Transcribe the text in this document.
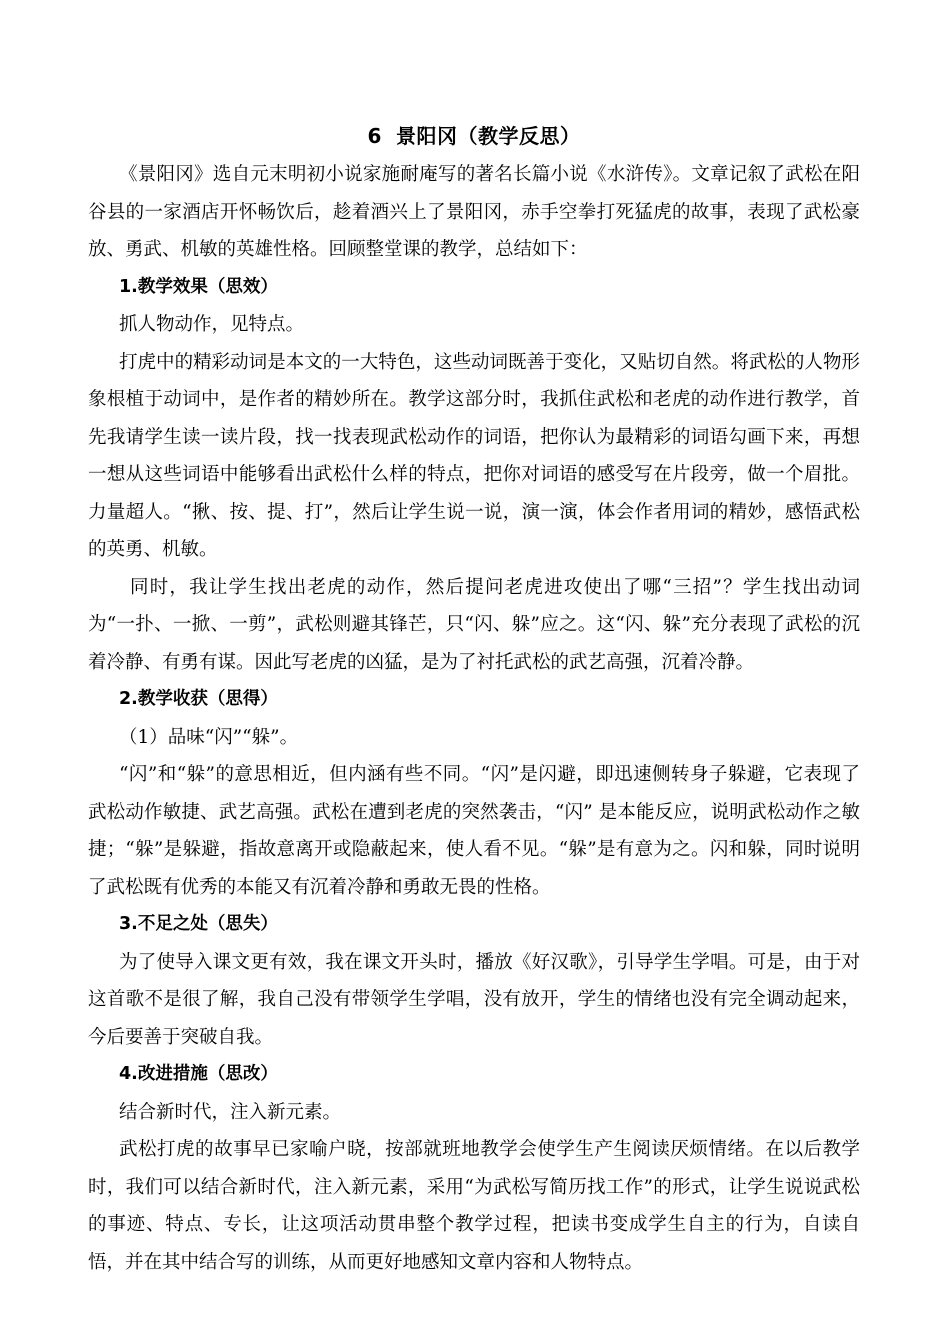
6 景阳冈（教学反思）

《景阳冈》选自元末明初小说家施耐庵写的著名长篇小说《水浒传》。文章记叙了武松在阳谷县的一家酒店开怀畅饮后，趁着酒兴上了景阳冈，赤手空拳打死猛虎的故事，表现了武松豪放、勇武、机敏的英雄性格。回顾整堂课的教学，总结如下：

1.教学效果（思效）

抓人物动作，见特点。

打虎中的精彩动词是本文的一大特色，这些动词既善于变化，又贴切自然。将武松的人物形象根植于动词中，是作者的精妙所在。教学这部分时，我抓住武松和老虎的动作进行教学，首先我请学生读一读片段，找一找表现武松动作的词语，把你认为最精彩的词语勾画下来，再想一想从这些词语中能够看出武松什么样的特点，把你对词语的感受写在片段旁，做一个眉批。力量超人。“揪、按、提、打”，然后让学生说一说，演一演，体会作者用词的精妙，感悟武松的英勇、机敏。

同时，我让学生找出老虎的动作，然后提问老虎进攻使出了哪“三招”？学生找出动词为“一扑、一掀、一剪”，武松则避其锋芒，只“闪、躲”应之。这“闪、躲”充分表现了武松的沉着冷静、有勇有谋。因此写老虎的凶猛，是为了衬托武松的武艺高强，沉着冷静。

2.教学收获（思得）

（1）品味“闪”“躲”。

“闪”和“躲”的意思相近，但内涵有些不同。“闪”是闪避，即迅速侧转身子躲避，它表现了武松动作敏捷、武艺高强。武松在遭到老虎的突然袭击，“闪” 是本能反应，说明武松动作之敏捷；“躲”是躲避，指故意离开或隐蔽起来，使人看不见。“躲”是有意为之。闪和躲，同时说明了武松既有优秀的本能又有沉着冷静和勇敢无畏的性格。

3.不足之处（思失）

为了使导入课文更有效，我在课文开头时，播放《好汉歌》，引导学生学唱。可是，由于对这首歌不是很了解，我自己没有带领学生学唱，没有放开，学生的情绪也没有完全调动起来，今后要善于突破自我。

4.改进措施（思改）

结合新时代，注入新元素。

武松打虎的故事早已家喻户晓，按部就班地教学会使学生产生阅读厌烦情绪。在以后教学时，我们可以结合新时代，注入新元素，采用“为武松写简历找工作”的形式，让学生说说武松的事迹、特点、专长，让这项活动贯串整个教学过程，把读书变成学生自主的行为，自读自悟，并在其中结合写的训练，从而更好地感知文章内容和人物特点。
